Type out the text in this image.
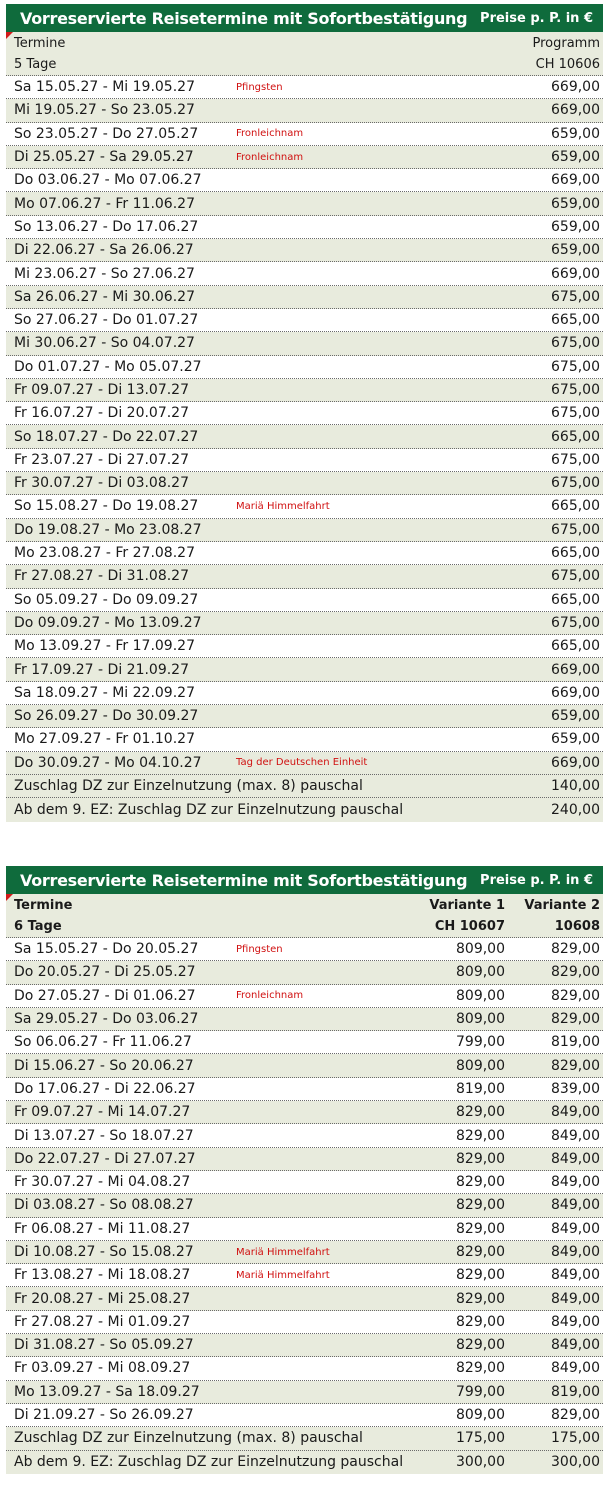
Vorreservierte Reisetermine mit Sofortbestätigung Preise p. P. in €
Termine	Programm
5 Tage	CH 10606
Sa 15.05.27 - Mi 19.05.27	Pfingsten	669,00
Mi 19.05.27 - So 23.05.27	669,00
So 23.05.27 - Do 27.05.27	Fronleichnam	659,00
Di 25.05.27 - Sa 29.05.27	Fronleichnam	659,00
Do 03.06.27 - Mo 07.06.27	669,00
Mo 07.06.27 - Fr 11.06.27	659,00
So 13.06.27 - Do 17.06.27	659,00
Di 22.06.27 - Sa 26.06.27	659,00
Mi 23.06.27 - So 27.06.27	669,00
Sa 26.06.27 - Mi 30.06.27	675,00
So 27.06.27 - Do 01.07.27	665,00
Mi 30.06.27 - So 04.07.27	675,00
Do 01.07.27 - Mo 05.07.27	675,00
Fr 09.07.27 - Di 13.07.27	675,00
Fr 16.07.27 - Di 20.07.27	675,00
So 18.07.27 - Do 22.07.27	665,00
Fr 23.07.27 - Di 27.07.27	675,00
Fr 30.07.27 - Di 03.08.27	675,00
So 15.08.27 - Do 19.08.27	Mariä Himmelfahrt	665,00
Do 19.08.27 - Mo 23.08.27	675,00
Mo 23.08.27 - Fr 27.08.27	665,00
Fr 27.08.27 - Di 31.08.27	675,00
So 05.09.27 - Do 09.09.27	665,00
Do 09.09.27 - Mo 13.09.27	675,00
Mo 13.09.27 - Fr 17.09.27	665,00
Fr 17.09.27 - Di 21.09.27	669,00
Sa 18.09.27 - Mi 22.09.27	669,00
So 26.09.27 - Do 30.09.27	659,00
Mo 27.09.27 - Fr 01.10.27	659,00
Do 30.09.27 - Mo 04.10.27	Tag der Deutschen Einheit	669,00
Zuschlag DZ zur Einzelnutzung (max. 8) pauschal	140,00
Ab dem 9. EZ: Zuschlag DZ zur Einzelnutzung pauschal	240,00
Vorreservierte Reisetermine mit Sofortbestätigung Preise p. P. in €
Termine	Variante 1	Variante 2
6 Tage	CH 10607	10608
Sa 15.05.27 - Do 20.05.27	Pfingsten	809,00	829,00
Do 20.05.27 - Di 25.05.27	809,00	829,00
Do 27.05.27 - Di 01.06.27	Fronleichnam	809,00	829,00
Sa 29.05.27 - Do 03.06.27	809,00	829,00
So 06.06.27 - Fr 11.06.27	799,00	819,00
Di 15.06.27 - So 20.06.27	809,00	829,00
Do 17.06.27 - Di 22.06.27	819,00	839,00
Fr 09.07.27 - Mi 14.07.27	829,00	849,00
Di 13.07.27 - So 18.07.27	829,00	849,00
Do 22.07.27 - Di 27.07.27	829,00	849,00
Fr 30.07.27 - Mi 04.08.27	829,00	849,00
Di 03.08.27 - So 08.08.27	829,00	849,00
Fr 06.08.27 - Mi 11.08.27	829,00	849,00
Di 10.08.27 - So 15.08.27	Mariä Himmelfahrt	829,00	849,00
Fr 13.08.27 - Mi 18.08.27	Mariä Himmelfahrt	829,00	849,00
Fr 20.08.27 - Mi 25.08.27	829,00	849,00
Fr 27.08.27 - Mi 01.09.27	829,00	849,00
Di 31.08.27 - So 05.09.27	829,00	849,00
Fr 03.09.27 - Mi 08.09.27	829,00	849,00
Mo 13.09.27 - Sa 18.09.27	799,00	819,00
Di 21.09.27 - So 26.09.27	809,00	829,00
Zuschlag DZ zur Einzelnutzung (max. 8) pauschal	175,00	175,00
Ab dem 9. EZ: Zuschlag DZ zur Einzelnutzung pauschal	300,00	300,00
